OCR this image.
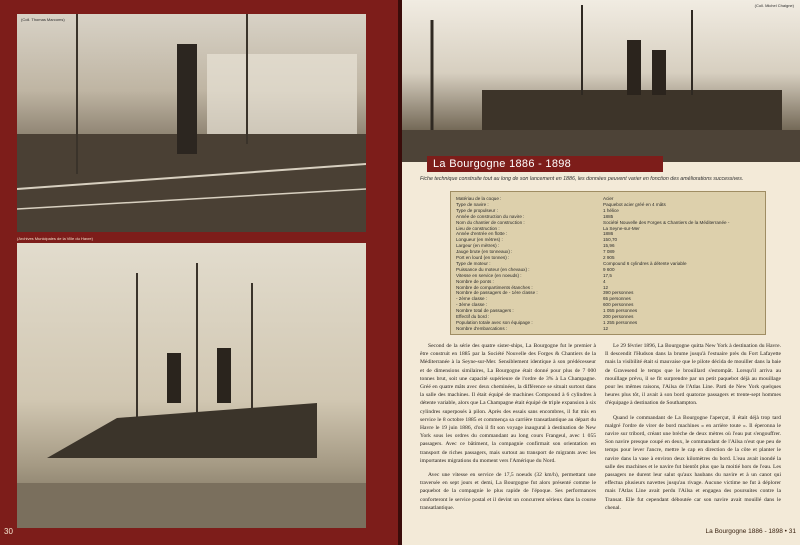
(Coll. Thomas Marcoms)
(Archives Municipales de la Ville du Havre)
30
(Coll. Michel Chaigne)
La Bourgogne 1886 - 1898
Fiche technique construite tout au long de son lancement en 1886, les données peuvent varier en fonction des améliorations successives.
Matériau de la coque :	Acier
Type de navire :	Paquebot acier gréé en 4 mâts
Type de propulseur :	1 hélice
Année de construction du navire :	1885
Nom du chantier de construction :	Société Nouvelle des Forges & Chantiers de la Méditerranée -
Lieu de construction :	La Seyne-sur-Mer
Année d'entrée en flotte :	1886
Longueur (en mètres) :	150,70
Largeur (en mètres) :	15,96
Jauge brute (en tonneaux) :	7 089
Port en lourd (en tonnes) :	2 905
Type de moteur :	Compound 6 cylindres à détente variable
Puissance du moteur (en chevaux) :	9 600
Vitesse en service (en noeuds) :	17,5
Nombre de ponts :	4
Nombre de compartiments étanches :	12
Nombre de passagers de - 1ère classe :	390 personnes
- 2ème classe :	65 personnes
- 3ème classe :	600 personnes
Nombre total de passagers :	1 055 personnes
Effectif du bord :	200 personnes
Population totale avec son équipage :	1 255 personnes
Nombre d'embarcations :	12

Second de la série des quatre sister-ships, La Bourgogne fut le premier à être construit en 1885 par la Société Nouvelle des Forges & Chantiers de la Méditerranée à la Seyne-sur-Mer. Sensiblement identique à son prédécesseur et de dimensions similaires, La Bourgogne était donné pour plus de 7 000 tonnes brut, soit une capacité supérieure de l'ordre de 3% à La Champagne. Gréé en quatre mâts avec deux cheminées, la différence se situait surtout dans la salle des machines. Il était équipé de machines Compound à 6 cylindres à détente variable, alors que La Champagne était équipé de triple expansion à six cylindres superposés à pilon. Après des essais sans encombres, il fut mis en service le 8 octobre 1885 et commença sa carrière transatlantique au départ du Havre le 19 juin 1886, d'où il fit son voyage inaugural à destination de New York sous les ordres du commandant au long cours Frangeul, avec 1 055 passagers. Avec ce bâtiment, la compagnie confirmait son orientation en transport de riches passagers, mais surtout au transport de migrants avec les importantes migrations du moment vers l'Amérique du Nord.

Avec une vitesse en service de 17,5 noeuds (32 km/h), permettant une traversée en sept jours et demi, La Bourgogne fut alors présenté comme le paquebot de la compagnie le plus rapide de l'époque. Ses performances conforteront le service postal et il devint un concurrent sérieux dans la course transatlantique.

Le 29 février 1896, La Bourgogne quitta New York à destination du Havre. Il descendit l'Hudson dans la brume jusqu'à l'estuaire près du Fort Lafayette mais la visibilité était si mauvaise que le pilote décida de mouiller dans la baie de Gravesend le temps que le brouillard s'estompât. Lorsqu'il arriva au mouillage prévu, il se fit surprendre par un petit paquebot déjà au mouillage pour les mêmes raisons, l'Ailsa de l'Atlas Line. Parti de New York quelques heures plus tôt, il avait à son bord quatorze passagers et trente-sept hommes d'équipage à destination de Southampton.

Quand le commandant de La Bourgogne l'aperçut, il était déjà trop tard malgré l'ordre de virer de bord machines « en arrière toute ». Il éperonna le navire sur tribord, créant une brèche de deux mètres où l'eau put s'engouffrer. Son navire presque coupé en deux, le commandant de l'Ailsa n'eut que peu de temps pour lever l'ancre, mettre le cap en direction de la côte et planter le navire dans la vase à environ deux kilomètres du bord. L'eau avait inondé la salle des machines et le navire fut bientôt plus que la moitié hors de l'eau. Les passagers ne durent leur salut qu'aux haubans du navire et à un canot qui effectua plusieurs navettes jusqu'au rivage. Aucune victime ne fut à déplorer mais l'Atlas Line avait perdu l'Ailsa et engagea des poursuites contre la Transat. Elle fut cependant déboutée car son navire avait mouillé dans le chenal.

La Bourgogne 1886 - 1898 • 31
